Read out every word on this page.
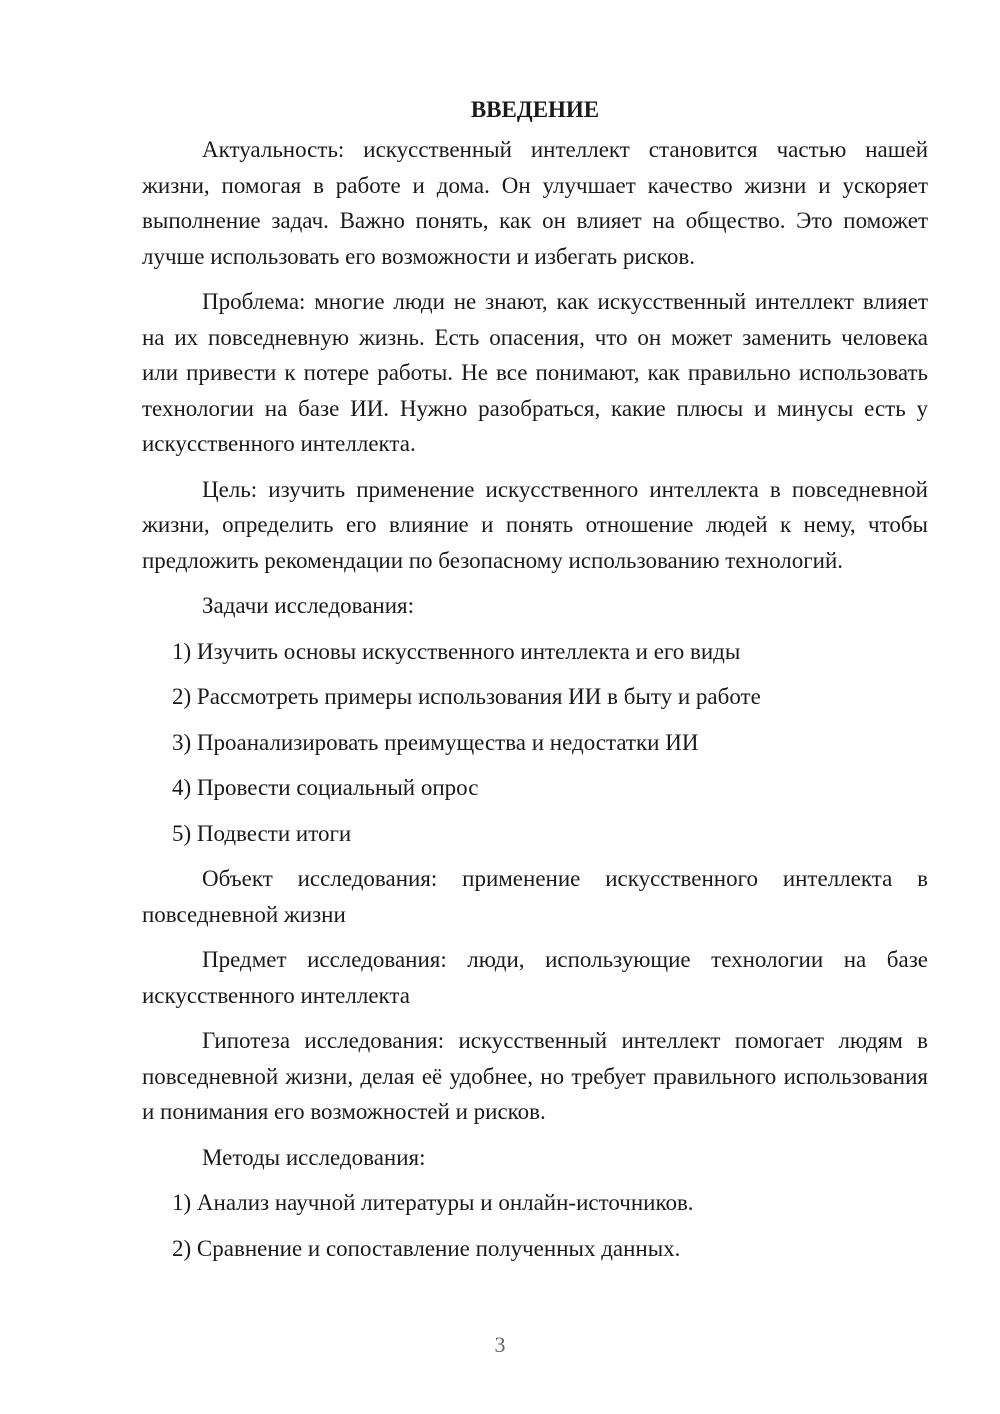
ВВЕДЕНИЕ

Актуальность: искусственный интеллект становится частью нашей жизни, помогая в работе и дома. Он улучшает качество жизни и ускоряет выполнение задач. Важно понять, как он влияет на общество. Это поможет лучше использовать его возможности и избегать рисков.

Проблема: многие люди не знают, как искусственный интеллект влияет на их повседневную жизнь. Есть опасения, что он может заменить человека или привести к потере работы. Не все понимают, как правильно использовать технологии на базе ИИ. Нужно разобраться, какие плюсы и минусы есть у искусственного интеллекта.

Цель: изучить применение искусственного интеллекта в повседневной жизни, определить его влияние и понять отношение людей к нему, чтобы предложить рекомендации по безопасному использованию технологий.

Задачи исследования:

1) Изучить основы искусственного интеллекта и его виды
2) Рассмотреть примеры использования ИИ в быту и работе
3) Проанализировать преимущества и недостатки ИИ
4) Провести социальный опрос
5) Подвести итоги

Объект исследования: применение искусственного интеллекта в повседневной жизни

Предмет исследования: люди, использующие технологии на базе искусственного интеллекта

Гипотеза исследования: искусственный интеллект помогает людям в повседневной жизни, делая её удобнее, но требует правильного использования и понимания его возможностей и рисков.

Методы исследования:

1) Анализ научной литературы и онлайн-источников.
2) Сравнение и сопоставление полученных данных.
3
